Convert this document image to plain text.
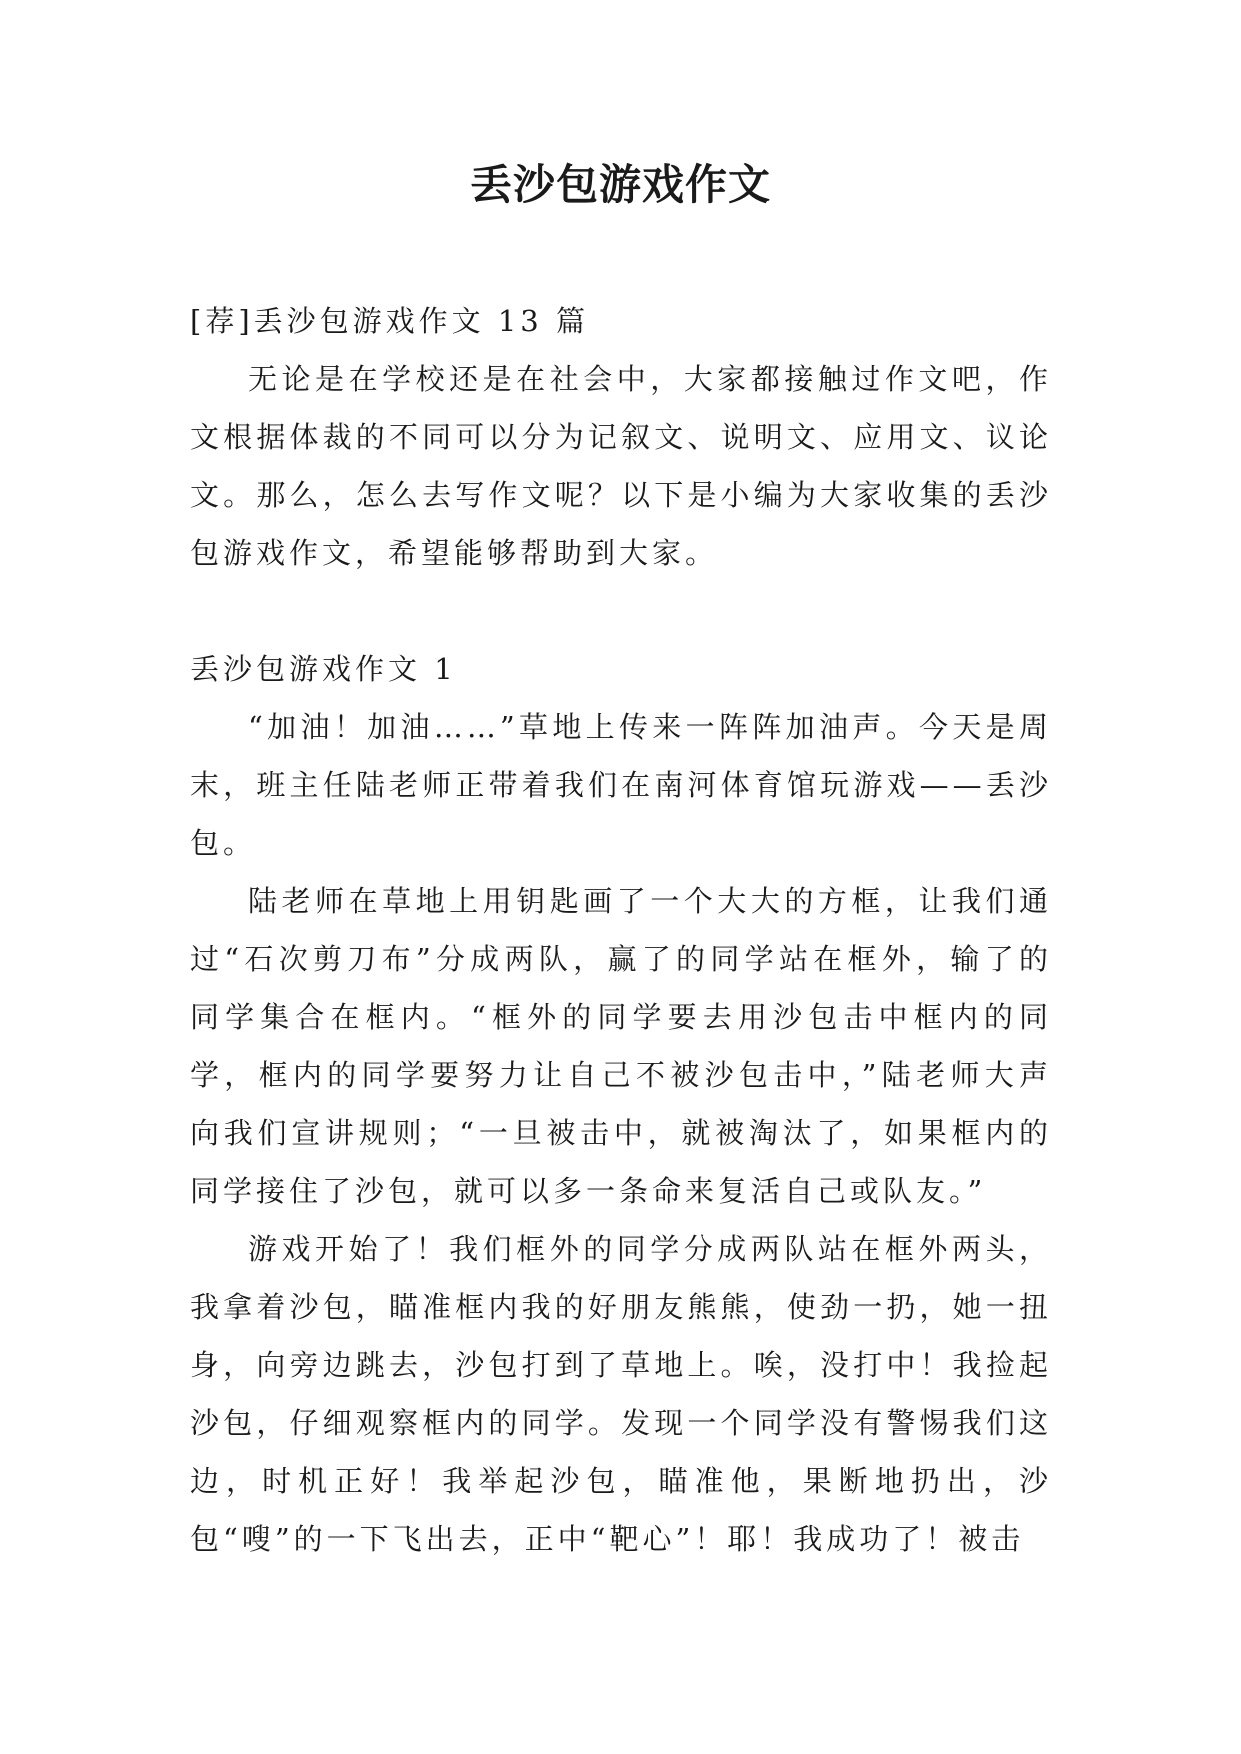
丢沙包游戏作文

[荐]丢沙包游戏作文 13 篇

无论是在学校还是在社会中，大家都接触过作文吧，作文根据体裁的不同可以分为记叙文、说明文、应用文、议论文。那么，怎么去写作文呢？以下是小编为大家收集的丢沙包游戏作文，希望能够帮助到大家。

丢沙包游戏作文 1

“加油！加油……”草地上传来一阵阵加油声。今天是周末，班主任陆老师正带着我们在南河体育馆玩游戏——丢沙包。

陆老师在草地上用钥匙画了一个大大的方框，让我们通过“石次剪刀布”分成两队，赢了的同学站在框外，输了的同学集合在框内。“框外的同学要去用沙包击中框内的同学，框内的同学要努力让自己不被沙包击中，”陆老师大声向我们宣讲规则；“一旦被击中，就被淘汰了，如果框内的同学接住了沙包，就可以多一条命来复活自己或队友。”

游戏开始了！我们框外的同学分成两队站在框外两头，我拿着沙包，瞄准框内我的好朋友熊熊，使劲一扔，她一扭身，向旁边跳去，沙包打到了草地上。唉，没打中！我捡起沙包，仔细观察框内的同学。发现一个同学没有警惕我们这边，时机正好！我举起沙包，瞄准他，果断地扔出，沙包“嗖”的一下飞出去，正中“靶心”！耶！我成功了！被击
